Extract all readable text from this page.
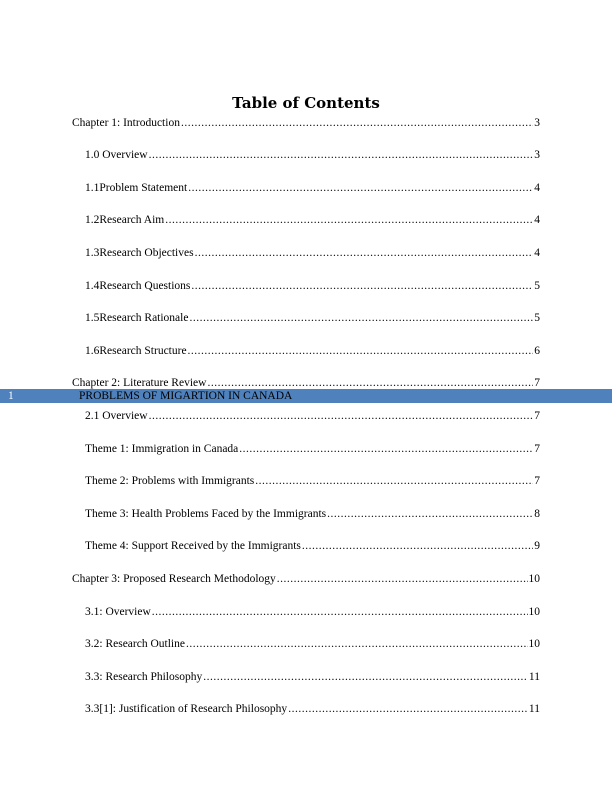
Table of Contents
Chapter 1: Introduction .....	3
1.0 Overview .....	3
1.1 Problem Statement .....	4
1.2 Research Aim .....	4
1.3 Research Objectives .....	4
1.4 Research Questions .....	5
1.5 Research Rationale .....	5
1.6 Research Structure .....	6
Chapter 2: Literature Review .....	7
1	PROBLEMS OF MIGARTION IN CANADA
2.1 Overview .....	7
Theme 1: Immigration in Canada .....	7
Theme 2: Problems with Immigrants .....	7
Theme 3: Health Problems Faced by the Immigrants .....	8
Theme 4: Support Received by the Immigrants .....	9
Chapter 3: Proposed Research Methodology .....	10
3.1: Overview .....	10
3.2: Research Outline .....	10
3.3: Research Philosophy .....	11
3.3[1]: Justification of Research Philosophy .....	11
